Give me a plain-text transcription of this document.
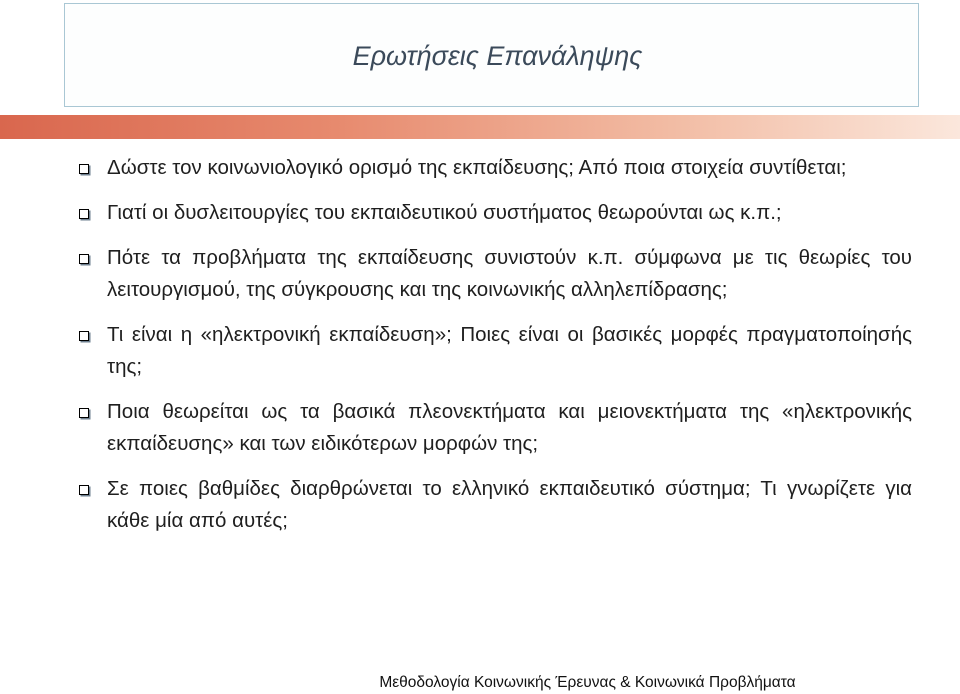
Ερωτήσεις Επανάληψης
Δώστε τον κοινωνιολογικό ορισμό της εκπαίδευσης; Από ποια στοιχεία συντίθεται;
Γιατί οι δυσλειτουργίες του εκπαιδευτικού συστήματος θεωρούνται ως κ.π.;
Πότε τα προβλήματα της εκπαίδευσης συνιστούν κ.π. σύμφωνα με τις θεωρίες του λειτουργισμού, της σύγκρουσης και της κοινωνικής αλληλεπίδρασης;
Τι είναι η «ηλεκτρονική εκπαίδευση»; Ποιες είναι οι βασικές μορφές πραγματοποίησής της;
Ποια θεωρείται ως τα βασικά πλεονεκτήματα και μειονεκτήματα της «ηλεκτρονικής εκπαίδευσης» και των ειδικότερων μορφών της;
Σε ποιες βαθμίδες διαρθρώνεται το ελληνικό εκπαιδευτικό σύστημα; Τι γνωρίζετε για κάθε μία από αυτές;
Μεθοδολογία Κοινωνικής Έρευνας & Κοινωνικά Προβλήματα
